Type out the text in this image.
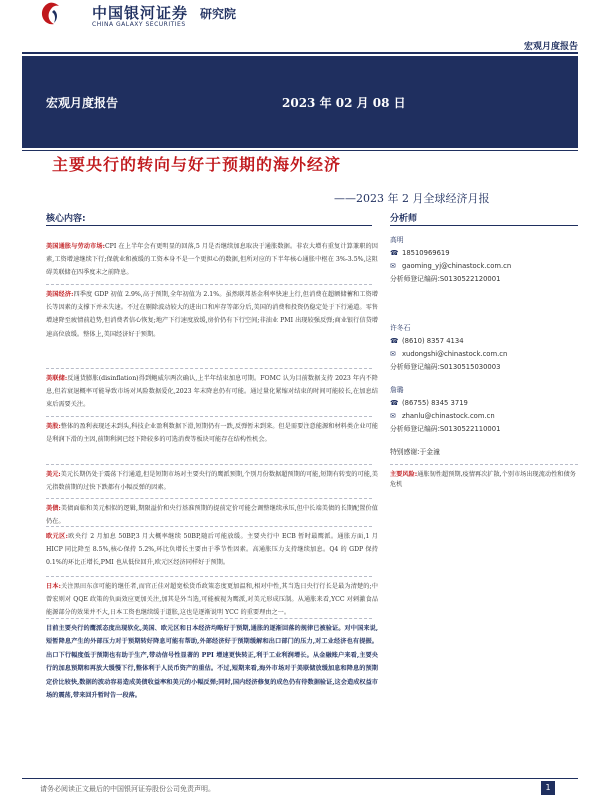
中国银河证券
CHINA GALAXY SECURITIES
研究院
宏观月度报告
宏观月度报告	2023 年 02 月 08 日
主要央行的转向与好于预期的海外经济
——2023 年 2 月全球经济月报
核心内容:
美国通胀与劳动市场:CPI 在上半年会有更明显的回落,5 月是否继续加息取决于通胀数据。非农大增有重复计算兼职的因素,工资增速继续下行;保就业和被缓的工资本身不是一个更担心的数据,但所对应的下半年核心通胀中枢在 3%-3.5%,这阻碍美联储在四季度末之前降息。
美国经济:四季度 GDP 初值 2.9%,高于预期,全年初值为 2.1%。虽然联邦基金利率快速上行,但消费在超额储蓄和工资增长等因素的支撑下并未失速。不过在剔除波动较大的进出口和库存等部分后,美国的消费和投资仍稳定处于下行通道。零售增速降至疲情前趋势,但消费者信心恢复;地产下行速度放缓,房价仍有下行空间;非油业 PMI 出现较强反弹;商业银行信贷增速高位放缓。整体上,美国经济好于预期。
美联储:反通货膨胀(disinflation)得到鲍威尔两次确认,上半年结束加息可期。FOMC 认为目前数据支持 2023 年内不降息,但若衰退概率可能导致市场对风险数据爱化,2023 年末降息仍有可能。通过量化紧缩对结束的时间可能较长,在加息结束后需要关注。
美股:整体的盈利表现还未到头,科技企业盈利数据下滑,短期仍有一跌,反弹暂未到来。但是需要注意能源和材料类企业可能是利润下滑的主因,前期利润已经下降较多的可选消费等板块可能存在结构性机会。
美元:美元长期仍处于震荡下行通道,但是短期市场对主要央行的鹰派预期,个别月份数据超预期的可能,短期有转变的可能,美元指数前期的过快下跌都有小幅反弹的因素。
美债:美债面临和美元相似的逻辑,期限溢价和央行基准预期的提前定价可能会调整继续承压,但中长端美债的长期配置价值仍在。
欧元区:欧央行 2 月加息 50BP,3 月大概率继续 50BP,随后可能放缓。主要央行中 ECB 暂时最鹰派。通胀方面,1 月 HICP 同比降至 8.5%,核心保持 5.2%,环比负增长主要由于季节性因素。高通胀压力支持继续加息。Q4 的 GDP 保持 0.1%的环比正增长,PMI 也从低位回升,欧元区经济同样好于预期。
日本:关注黑田东彦可能的继任者,而官正佳对超宽松货币政策态度更加温和,相对中性,其当选日央行行长是最为清楚的;中曾宏则对 QQE 政策的负面效应更加关注,加其是外当选,可能被视为鹰派,对美元形成压制。从通胀来看,YCC 对刺激食品能源部分的效果并不大,日本工资也继续缓于道胀,这也是逐渐说明 YCC 的重要理由之一。
目前主要央行的鹰派态度出现软化,美国、欧元区和日本经济均略好于预期,通胀的逐渐回落的规律已被验证。对中国来说,短暂降息产生的外部压力对于预期转好降息可能有帮助,外部经济好于预期缓解和出口部门的压力,对工业经济也有提振。出口下行幅度低于预期也有助于生产,带动信号性显著的 PPI 增速更快转正,利于工业利润增长。从金融账户来看,主要央行的加息预期和再放大缓慢下行,整体利于人民币资产的重估。不过,短期来看,海外市场对于美联储放缓加息和降息的预期定价比较快,数据的波动容易造成美债收益率和美元的小幅反弹;同时,国内经济修复的成色仍有待数据验证,这会造成权益市场的震荡,带来回升暂时告一段落。
分析师
高明
☎ 18510969619
✉ gaoming_yj@chinastock.com.cn
分析师登记编码:S0130522120001
许冬石
☎ (8610) 8357 4134
✉ xudongshi@chinastock.com.cn
分析师登记编码:S0130515030003
詹璐
☎ (86755) 8345 3719
✉ zhanlu@chinastock.com.cn
分析师登记编码:S0130522110001
特别感谢:于金潼
主要风险:通胀韧性超预期,疫情再次扩散,个别市场出现流动性和债务危机
请务必阅读正文最后的中国银河证券股份公司免责声明。	1
